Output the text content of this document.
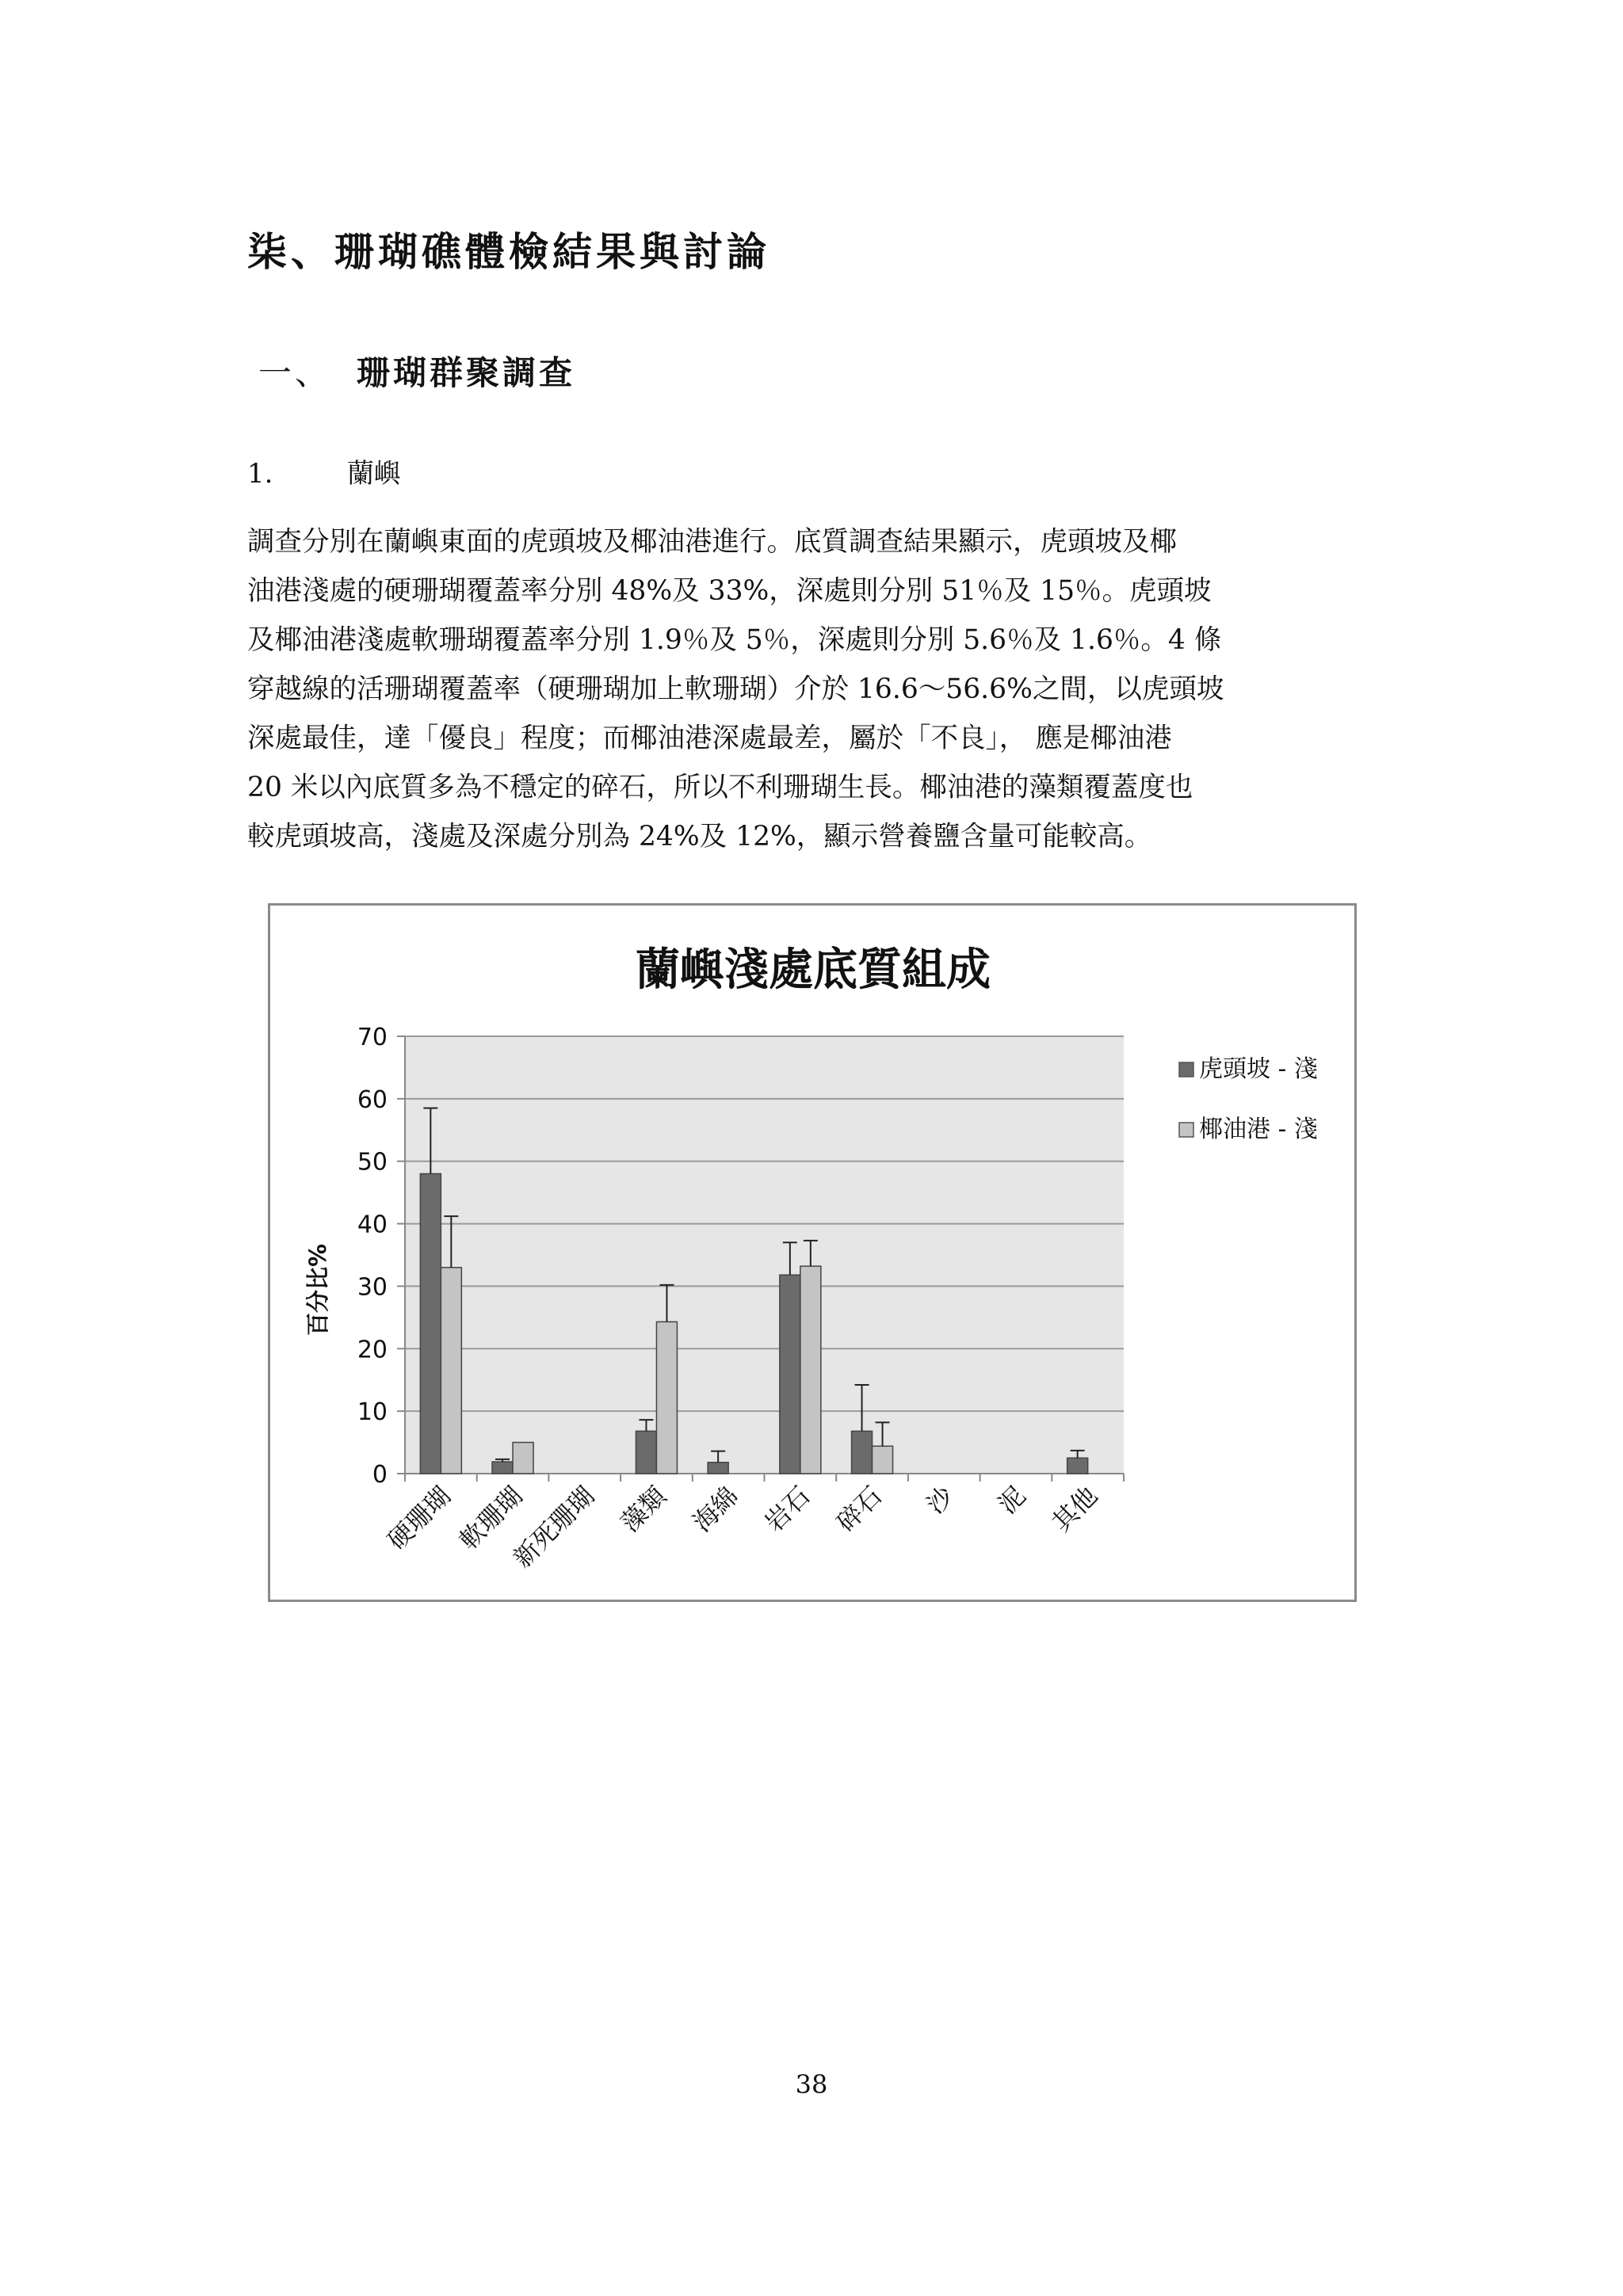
柒、珊瑚礁體檢結果與討論
一、 珊瑚群聚調查
1.	蘭嶼

調查分別在蘭嶼東面的虎頭坡及椰油港進行。底質調查結果顯示，虎頭坡及椰
油港淺處的硬珊瑚覆蓋率分別 48%及 33%，深處則分別 51％及 15％。虎頭坡
及椰油港淺處軟珊瑚覆蓋率分別 1.9％及 5％，深處則分別 5.6％及 1.6％。4 條
穿越線的活珊瑚覆蓋率（硬珊瑚加上軟珊瑚）介於 16.6～56.6%之間，以虎頭坡
深處最佳，達「優良」程度；而椰油港深處最差，屬於「不良」， 應是椰油港
20 米以內底質多為不穩定的碎石，所以不利珊瑚生長。椰油港的藻類覆蓋度也
較虎頭坡高，淺處及深處分別為 24%及 12%，顯示營養鹽含量可能較高。

蘭嶼淺處底質組成
百分比%
0
10
20
30
40
50
60
70
硬珊瑚
軟珊瑚
新死珊瑚 藻類 海綿 岩石 碎石 沙 泥 其他
虎頭坡 - 淺
椰油港 - 淺
38
